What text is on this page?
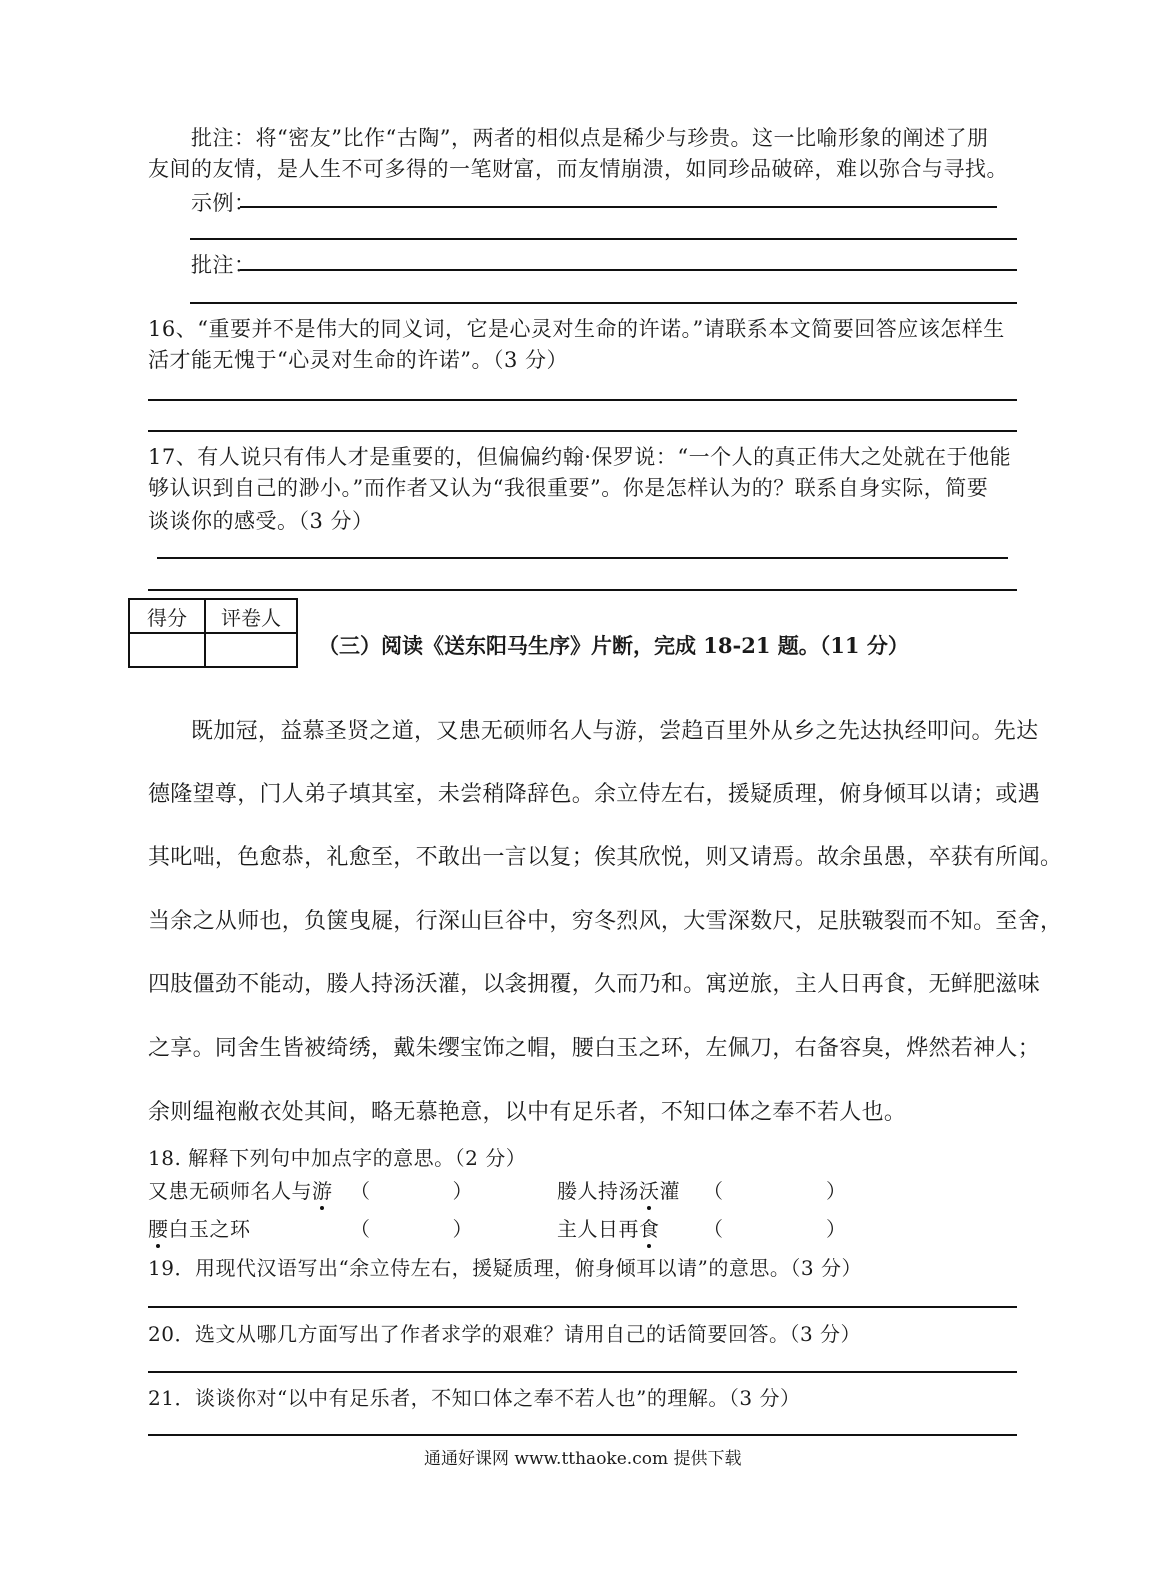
批注：将“密友”比作“古陶”，两者的相似点是稀少与珍贵。这一比喻形象的阐述了朋
友间的友情，是人生不可多得的一笔财富，而友情崩溃，如同珍品破碎，难以弥合与寻找。
示例：
批注：
16、“重要并不是伟大的同义词，它是心灵对生命的许诺。”请联系本文简要回答应该怎样生
活才能无愧于“心灵对生命的许诺”。（3 分）
17、有人说只有伟人才是重要的，但偏偏约翰·保罗说：“一个人的真正伟大之处就在于他能
够认识到自己的渺小。”而作者又认为“我很重要”。你是怎样认为的？联系自身实际，简要
谈谈你的感受。（3 分）
得分	评卷人

（三）阅读《送东阳马生序》片断，完成 18-21 题。（11 分）
既加冠，益慕圣贤之道，又患无硕师名人与游，尝趋百里外从乡之先达执经叩问。先达
德隆望尊，门人弟子填其室，未尝稍降辞色。余立侍左右，援疑质理，俯身倾耳以请；或遇
其叱咄，色愈恭，礼愈至，不敢出一言以复；俟其欣悦，则又请焉。故余虽愚，卒获有所闻。
当余之从师也，负箧曳屣，行深山巨谷中，穷冬烈风，大雪深数尺，足肤皲裂而不知。至舍，
四肢僵劲不能动，媵人持汤沃灌，以衾拥覆，久而乃和。寓逆旅，主人日再食，无鲜肥滋味
之享。同舍生皆被绮绣，戴朱缨宝饰之帽，腰白玉之环，左佩刀，右备容臭，烨然若神人；
余则缊袍敝衣处其间，略无慕艳意，以中有足乐者，不知口体之奉不若人也。
18. 解释下列句中加点字的意思。（2 分）
又患无硕师名人与游 （　　　　）	媵人持汤沃灌 （　　　　　）
腰白玉之环	（　　　　）	主人日再食 （　　　　　）
19．用现代汉语写出“余立侍左右，援疑质理，俯身倾耳以请”的意思。（3 分）
20．选文从哪几方面写出了作者求学的艰难？请用自己的话简要回答。（3 分）
21．谈谈你对“以中有足乐者，不知口体之奉不若人也”的理解。（3 分）
通通好课网 www.tthaoke.com 提供下载
